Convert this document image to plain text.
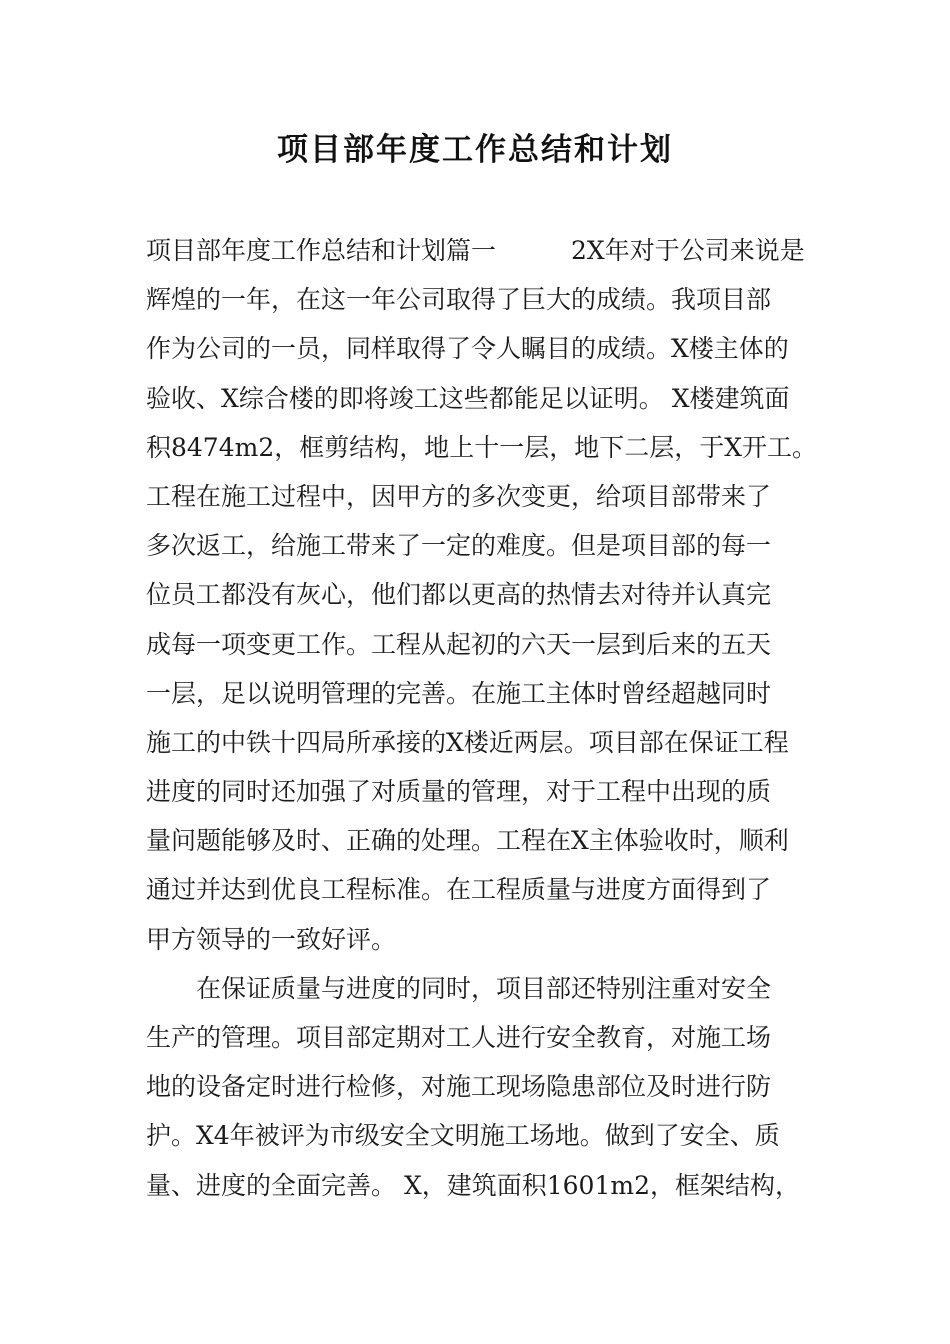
项目部年度工作总结和计划
项目部年度工作总结和计划篇一　　　2X年对于公司来说是
辉煌的一年，在这一年公司取得了巨大的成绩。我项目部
作为公司的一员，同样取得了令人瞩目的成绩。X楼主体的
验收、X综合楼的即将竣工这些都能足以证明。 X楼建筑面
积8474m2，框剪结构，地上十一层，地下二层，于X开工。
工程在施工过程中，因甲方的多次变更，给项目部带来了
多次返工，给施工带来了一定的难度。但是项目部的每一
位员工都没有灰心，他们都以更高的热情去对待并认真完
成每一项变更工作。工程从起初的六天一层到后来的五天
一层，足以说明管理的完善。在施工主体时曾经超越同时
施工的中铁十四局所承接的X楼近两层。项目部在保证工程
进度的同时还加强了对质量的管理，对于工程中出现的质
量问题能够及时、正确的处理。工程在X主体验收时，顺利
通过并达到优良工程标准。在工程质量与进度方面得到了
甲方领导的一致好评。
在保证质量与进度的同时，项目部还特别注重对安全
生产的管理。项目部定期对工人进行安全教育，对施工场
地的设备定时进行检修，对施工现场隐患部位及时进行防
护。X4年被评为市级安全文明施工场地。做到了安全、质
量、进度的全面完善。 X，建筑面积1601m2，框架结构，
